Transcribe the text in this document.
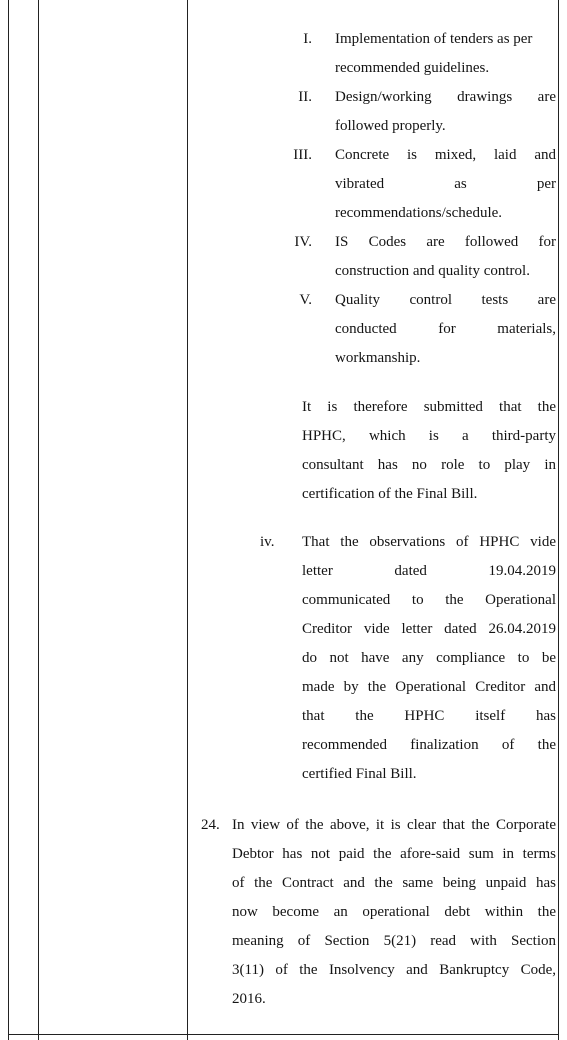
I. Implementation of tenders as per
recommended guidelines.
II. Design/working drawings are
followed properly.
III. Concrete is mixed, laid and
vibrated as per
recommendations/schedule.
IV. IS Codes are followed for
construction and quality control.
V. Quality control tests are
conducted for materials,
workmanship.
It is therefore submitted that the
HPHC, which is a third-party
consultant has no role to play in
certification of the Final Bill.
iv.	That the observations of HPHC vide
letter dated 19.04.2019
communicated to the Operational
Creditor vide letter dated 26.04.2019
do not have any compliance to be
made by the Operational Creditor and
that the HPHC itself has
recommended finalization of the
certified Final Bill.
24. In view of the above, it is clear that the Corporate
Debtor has not paid the afore-said sum in terms
of the Contract and the same being unpaid has
now become an operational debt within the
meaning of Section 5(21) read with Section
3(11) of the Insolvency and Bankruptcy Code,
2016.
